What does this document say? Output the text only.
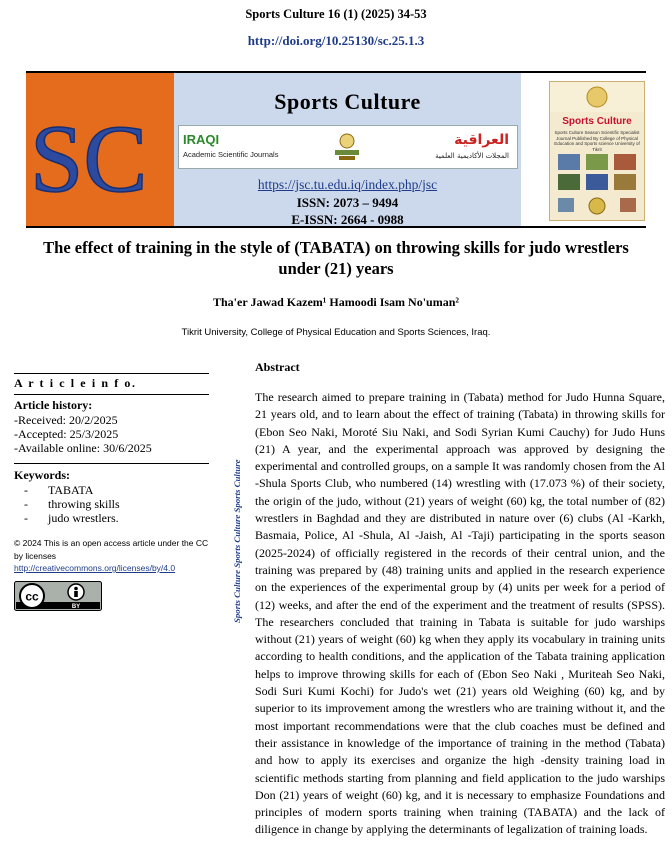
Sports Culture 16 (1) (2025) 34-53
http://doi.org/10.25130/sc.25.1.3
SC
Sports Culture
IRAQI
Academic Scientific Journals
العراقية
المجلات الأكاديمية العلمية
https://jsc.tu.edu.iq/index.php/jsc
ISSN: 2073 – 9494
E-ISSN: 2664 - 0988
Sports Culture
Sports Culture Season Scientific Specialist Journal Published By College of Physical Education and Sports science University of Tikrit
The effect of training in the style of (TABATA) on throwing skills for judo wrestlers under (21) years
Tha'er Jawad Kazem¹ Hamoodi Isam No'uman²
Tikrit University, College of Physical Education and Sports Sciences, Iraq.
A r t i c l e i n f o.
Article history:
-Received: 20/2/2025
-Accepted: 25/3/2025
-Available online: 30/6/2025
Keywords:
- TABATA
- throwing skills
- judo wrestlers.
© 2024 This is an open access article under the CC by licenses
http://creativecommons.org/licenses/by/4.0
cc
BY	Sports Culture Sports Culture Sports Culture
Abstract
The research aimed to prepare training in (Tabata) method for Judo Hunna Square, 21 years old, and to learn about the effect of training (Tabata) in throwing skills for (Ebon Seo Naki, Moroté Siu Naki, and Sodi Syrian Kumi Cauchy) for Judo Huns (21) A year, and the experimental approach was approved by designing the experimental and controlled groups, on a sample It was randomly chosen from the Al -Shula Sports Club, who numbered (14) wrestling with (17.073 %) of their society, the origin of the judo, without (21) years of weight (60) kg, the total number of (82) wrestlers in Baghdad and they are distributed in nature over (6) clubs (Al -Karkh, Basmaia, Police, Al -Shula, Al -Jaish, Al -Taji) participating in the sports season (2025-2024) of officially registered in the records of their central union, and the training was prepared by (48) training units and applied in the research experience on the experiences of the experimental group by (4) units per week for a period of (12) weeks, and after the end of the experiment and the treatment of results (SPSS). The researchers concluded that training in Tabata is suitable for judo warships without (21) years of weight (60) kg when they apply its vocabulary in training units according to health conditions, and the application of the Tabata training application helps to improve throwing skills for each of (Ebon Seo Naki , Muriteah Seo Naki, Sodi Suri Kumi Kochi) for Judo's wet (21) years old Weighing (60) kg, and by superior to its improvement among the wrestlers who are training without it, and the most important recommendations were that the club coaches must be defined and their assistance in knowledge of the importance of training in the method (Tabata) and how to apply its exercises and organize the high -density training load in scientific methods starting from planning and field application to the judo warships Don (21) years of weight (60) kg, and it is necessary to emphasize Foundations and principles of modern sports training when training (TABATA) and the lack of diligence in change by applying the determinants of legalization of training loads.
